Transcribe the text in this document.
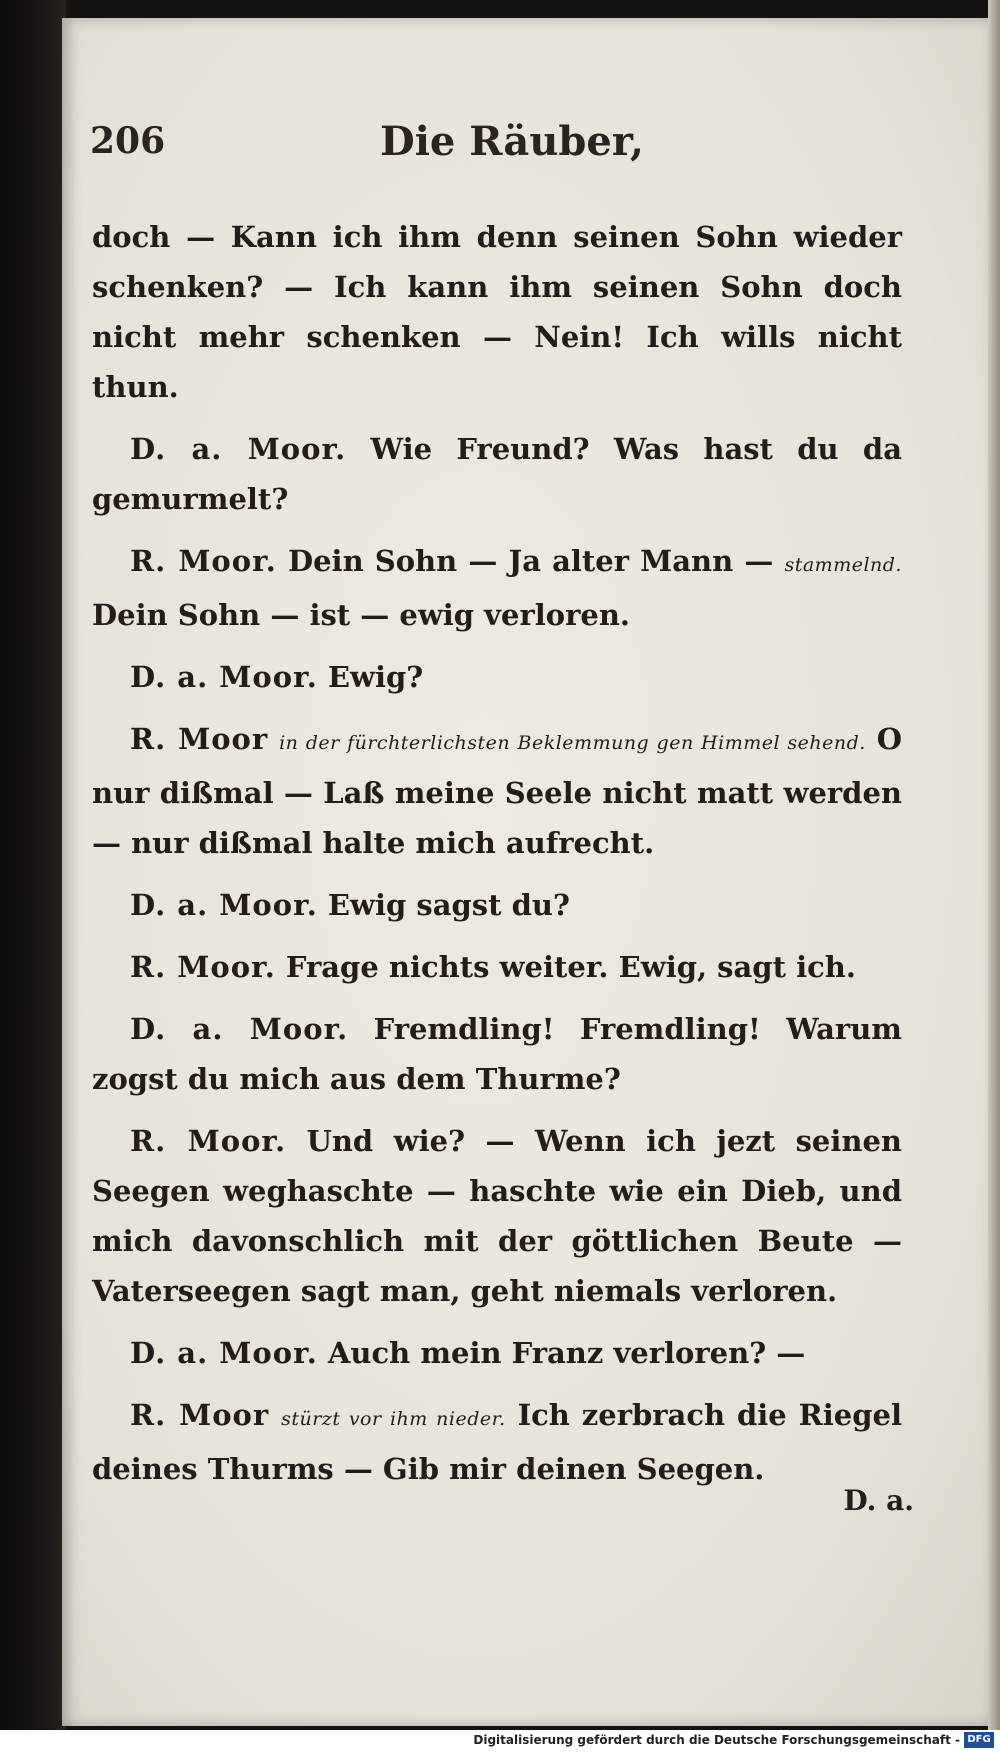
206	Die Räuber,

doch — Kann ich ihm denn seinen Sohn wieder schenken? — Ich kann ihm seinen Sohn doch nicht mehr schenken — Nein! Ich wills nicht thun.

D. a. Moor. Wie Freund? Was hast du da gemurmelt?

R. Moor. Dein Sohn — Ja alter Mann — stammelnd. Dein Sohn — ist — ewig verloren.

D. a. Moor. Ewig?

R. Moor in der fürchterlichsten Beklemmung gen Himmel sehend. O nur dißmal — Laß meine Seele nicht matt werden — nur dißmal halte mich aufrecht.

D. a. Moor. Ewig sagst du?

R. Moor. Frage nichts weiter. Ewig, sagt ich.

D. a. Moor. Fremdling! Fremdling! Warum zogst du mich aus dem Thurme?

R. Moor. Und wie? — Wenn ich jezt seinen Seegen weghaschte — haschte wie ein Dieb, und mich davonschlich mit der göttlichen Beute — Vaterseegen sagt man, geht niemals verloren.

D. a. Moor. Auch mein Franz verloren? —

R. Moor stürzt vor ihm nieder. Ich zerbrach die Riegel deines Thurms — Gib mir deinen Seegen.

D. a.
Digitalisierung gefördert durch die Deutsche Forschungsgemeinschaft - DFG
